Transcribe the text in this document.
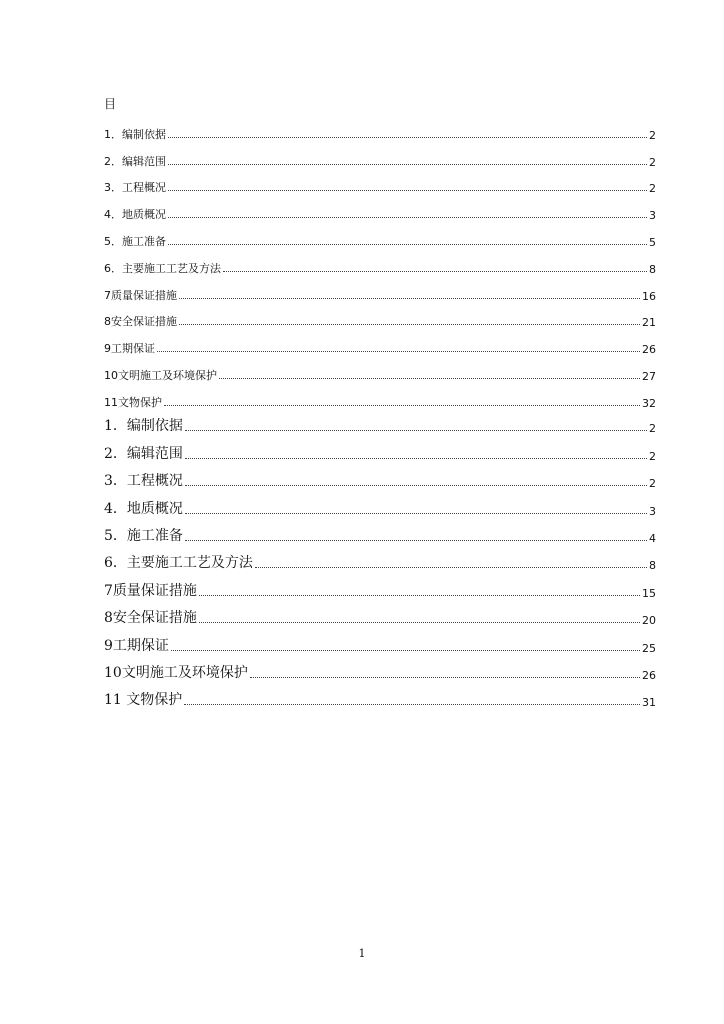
目
1．编制依据	2
2．编辑范围	2
3．工程概况	2
4．地质概况	3
5．施工准备	5
6．主要施工工艺及方法	8
7质量保证措施	16
8安全保证措施	21
9工期保证	26
10文明施工及环境保护	27
11文物保护	32
1．编制依据	2
2．编辑范围	2
3．工程概况	2
4．地质概况	3
5．施工准备	4
6．主要施工工艺及方法	8
7质量保证措施	15
8安全保证措施	20
9工期保证	25
10文明施工及环境保护	26
11 文物保护	31
1
